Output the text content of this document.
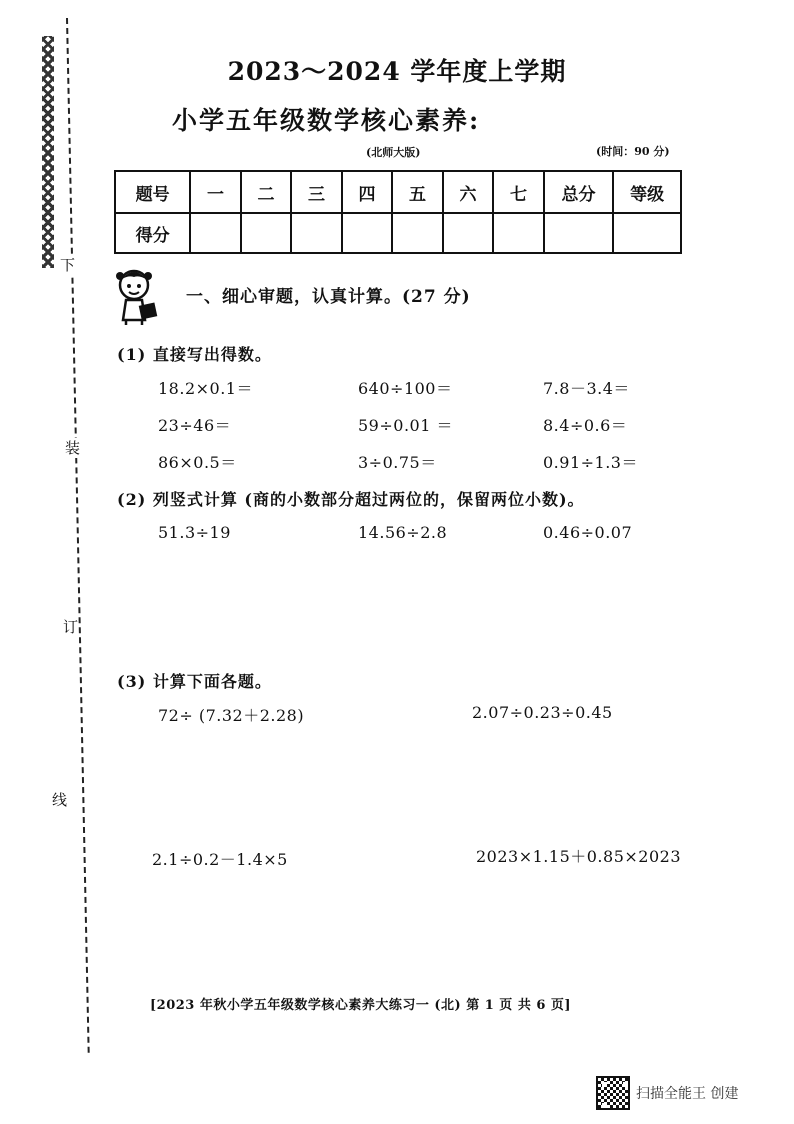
下
装
订
线
2023～2024 学年度上学期
小学五年级数学核心素养:
(北师大版)	(时间：90 分)
题号	一	二	三	四	五	六	七	总分	等级
得分									
一、细心审题，认真计算。(27 分)
(1) 直接写出得数。
18.2×0.1＝	640÷100＝	7.8－3.4＝
23÷46＝	59÷0.01 ＝	8.4÷0.6＝
86×0.5＝	3÷0.75＝	0.91÷1.3＝
(2) 列竖式计算 (商的小数部分超过两位的，保留两位小数)。
51.3÷19	14.56÷2.8	0.46÷0.07
(3) 计算下面各题。
72÷ (7.32＋2.28)	2.07÷0.23÷0.45
2.1÷0.2－1.4×5	2023×1.15＋0.85×2023
[2023 年秋小学五年级数学核心素养大练习一 (北) 第 1 页 共 6 页]
扫描全能王 创建
